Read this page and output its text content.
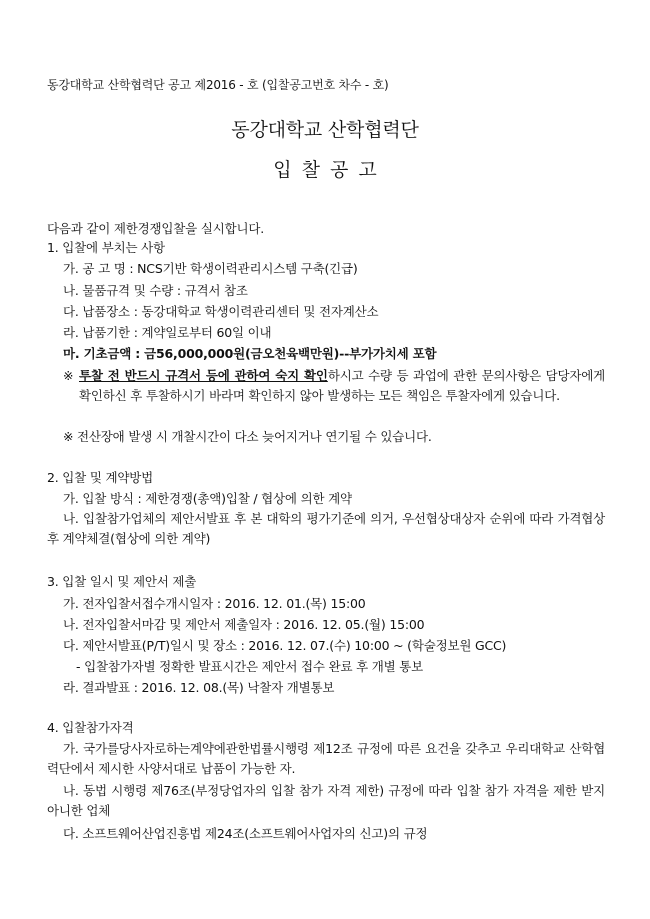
동강대학교 산학협력단 공고 제2016 - 호 (입찰공고번호 차수 - 호)
동강대학교 산학협력단
입찰공고
다음과 같이 제한경쟁입찰을 실시합니다.
1. 입찰에 부치는 사항
가. 공 고 명 : NCS기반 학생이력관리시스템 구축(긴급)
나. 물품규격 및 수량 : 규격서 참조
다. 납품장소 : 동강대학교 학생이력관리센터 및 전자계산소
라. 납품기한 : 계약일로부터 60일 이내
마. 기초금액 : 금56,000,000원(금오천육백만원)--부가가치세 포함
※ 투찰 전 반드시 규격서 등에 관하여 숙지 확인하시고 수량 등 과업에 관한 문의사항은 담당자에게 확인하신 후 투찰하시기 바라며 확인하지 않아 발생하는 모든 책임은 투찰자에게 있습니다.
※ 전산장애 발생 시 개찰시간이 다소 늦어지거나 연기될 수 있습니다.
2. 입찰 및 계약방법
가. 입찰 방식 : 제한경쟁(총액)입찰 / 협상에 의한 계약
나. 입찰참가업체의 제안서발표 후 본 대학의 평가기준에 의거, 우선협상대상자 순위에 따라 가격협상 후 계약체결(협상에 의한 계약)
3. 입찰 일시 및 제안서 제출
가. 전자입찰서접수개시일자 : 2016. 12. 01.(목) 15:00
나. 전자입찰서마감 및 제안서 제출일자 : 2016. 12. 05.(월) 15:00
다. 제안서발표(P/T)일시 및 장소 : 2016. 12. 07.(수) 10:00 ~ (학술정보원 GCC)
- 입찰참가자별 정확한 발표시간은 제안서 접수 완료 후 개별 통보
라. 결과발표 : 2016. 12. 08.(목) 낙찰자 개별통보
4. 입찰참가자격
가. 국가를당사자로하는계약에관한법률시행령 제12조 규정에 따른 요건을 갖추고 우리대학교 산학협력단에서 제시한 사양서대로 납품이 가능한 자.
나. 동법 시행령 제76조(부정당업자의 입찰 참가 자격 제한) 규정에 따라 입찰 참가 자격을 제한 받지 아니한 업체
다. 소프트웨어산업진흥법 제24조(소프트웨어사업자의 신고)의 규정
